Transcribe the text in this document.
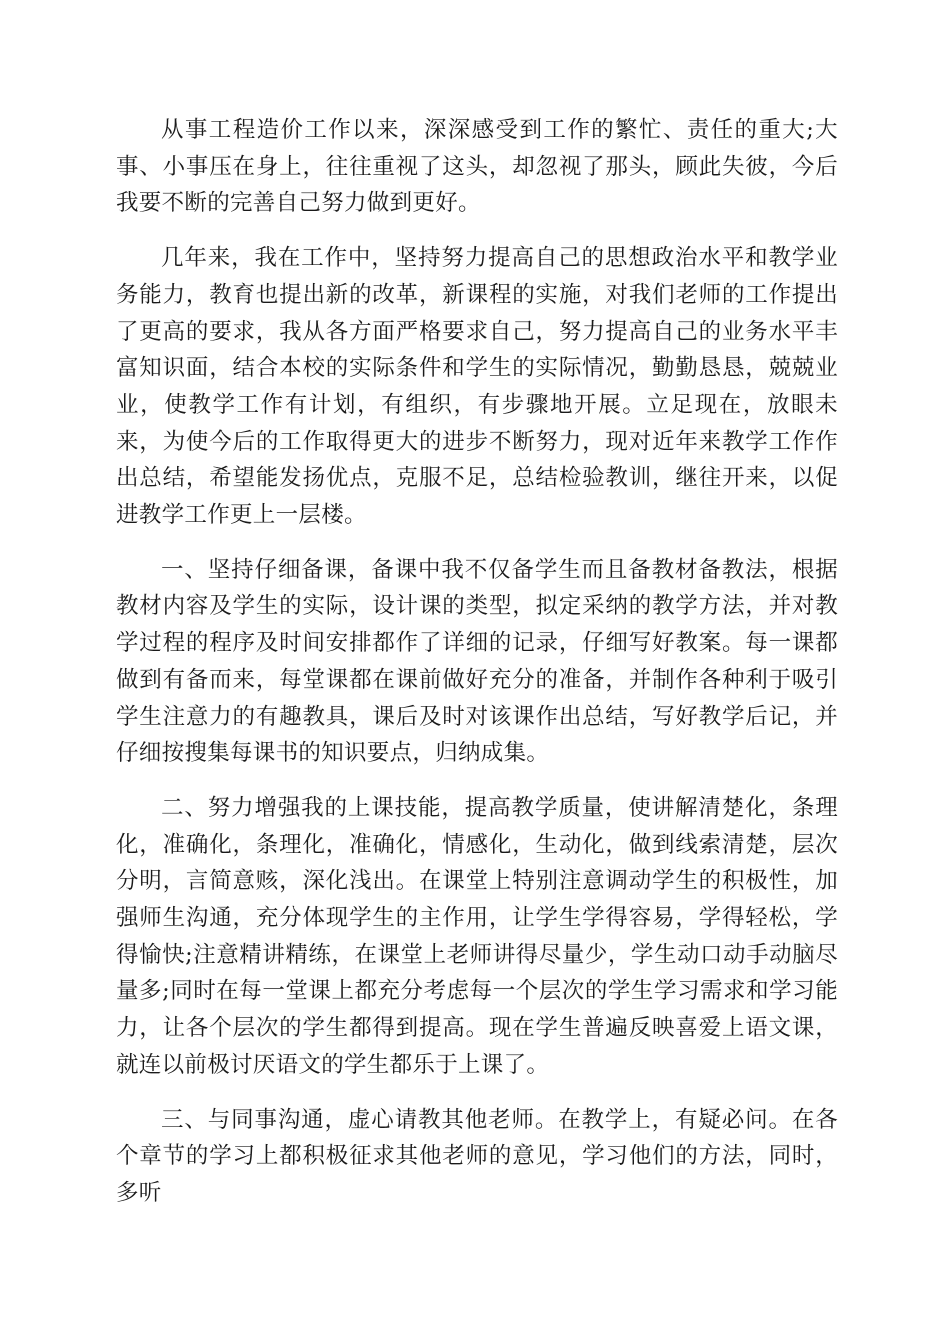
从事工程造价工作以来，深深感受到工作的繁忙、责任的重大;大事、小事压在身上，往往重视了这头，却忽视了那头，顾此失彼，今后我要不断的完善自己努力做到更好。

几年来，我在工作中，坚持努力提高自己的思想政治水平和教学业务能力，教育也提出新的改革，新课程的实施，对我们老师的工作提出了更高的要求，我从各方面严格要求自己，努力提高自己的业务水平丰富知识面，结合本校的实际条件和学生的实际情况，勤勤恳恳，兢兢业业，使教学工作有计划，有组织，有步骤地开展。立足现在，放眼未来，为使今后的工作取得更大的进步不断努力，现对近年来教学工作作出总结，希望能发扬优点，克服不足，总结检验教训，继往开来，以促进教学工作更上一层楼。

一、坚持仔细备课，备课中我不仅备学生而且备教材备教法，根据教材内容及学生的实际，设计课的类型，拟定采纳的教学方法，并对教学过程的程序及时间安排都作了详细的记录，仔细写好教案。每一课都做到有备而来，每堂课都在课前做好充分的准备，并制作各种利于吸引学生注意力的有趣教具，课后及时对该课作出总结，写好教学后记，并仔细按搜集每课书的知识要点，归纳成集。

二、努力增强我的上课技能，提高教学质量，使讲解清楚化，条理化，准确化，条理化，准确化，情感化，生动化，做到线索清楚，层次分明，言简意赅，深化浅出。在课堂上特别注意调动学生的积极性，加强师生沟通，充分体现学生的主作用，让学生学得容易，学得轻松，学得愉快;注意精讲精练，在课堂上老师讲得尽量少，学生动口动手动脑尽量多;同时在每一堂课上都充分考虑每一个层次的学生学习需求和学习能力，让各个层次的学生都得到提高。现在学生普遍反映喜爱上语文课，就连以前极讨厌语文的学生都乐于上课了。

三、与同事沟通，虚心请教其他老师。在教学上，有疑必问。在各个章节的学习上都积极征求其他老师的意见，学习他们的方法，同时，多听
